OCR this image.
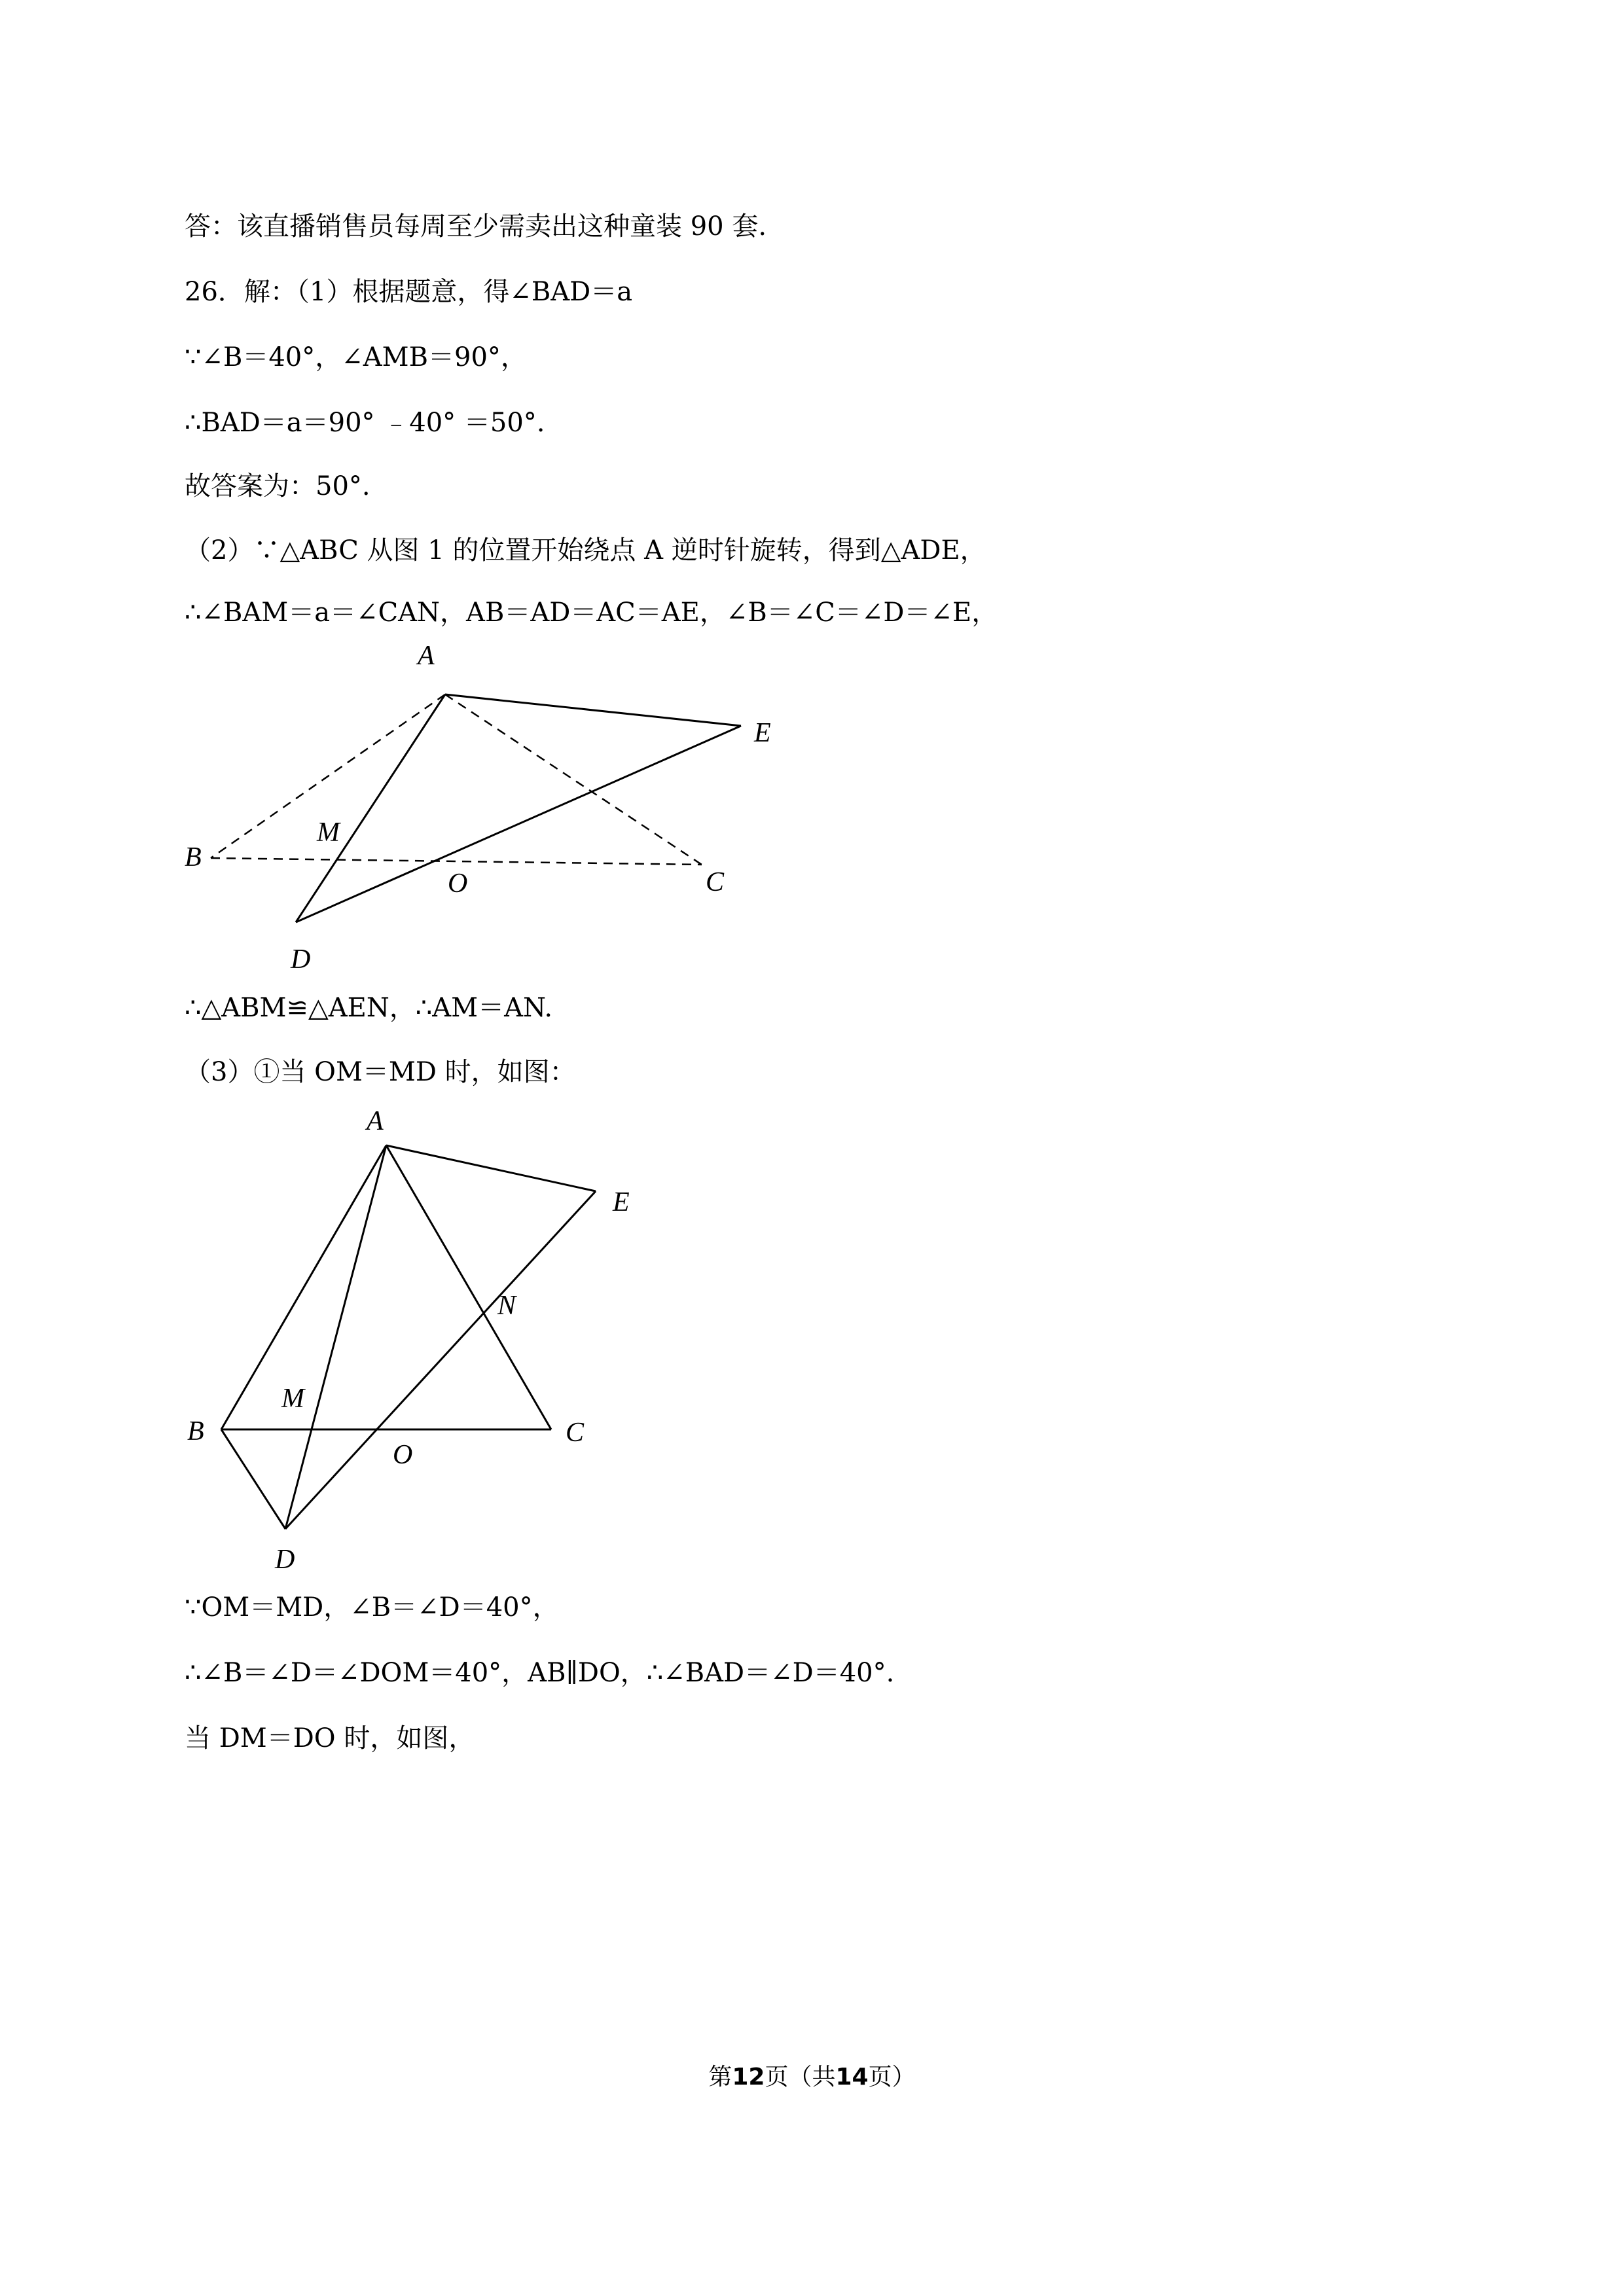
答：该直播销售员每周至少需卖出这种童装 90 套.
26．解：（1）根据题意，得∠BAD＝a
∵∠B＝40°，∠AMB＝90°，
∴BAD＝a＝90° ﹣40° ＝50°.
故答案为：50°.
（2）∵△ABC 从图 1 的位置开始绕点 A 逆时针旋转，得到△ADE，
∴∠BAM＝a＝∠CAN，AB＝AD＝AC＝AE，∠B＝∠C＝∠D＝∠E，
A
E
M
B
O	C
D
∴△ABM≌△AEN，∴AM＝AN.
（3）①当 OM＝MD 时，如图：
A
E
N
M
B
O
C
D
∵OM＝MD，∠B＝∠D＝40°，
∴∠B＝∠D＝∠DOM＝40°，AB∥DO，∴∠BAD＝∠D＝40°.
当 DM＝DO 时，如图，
第12页（共14页）
